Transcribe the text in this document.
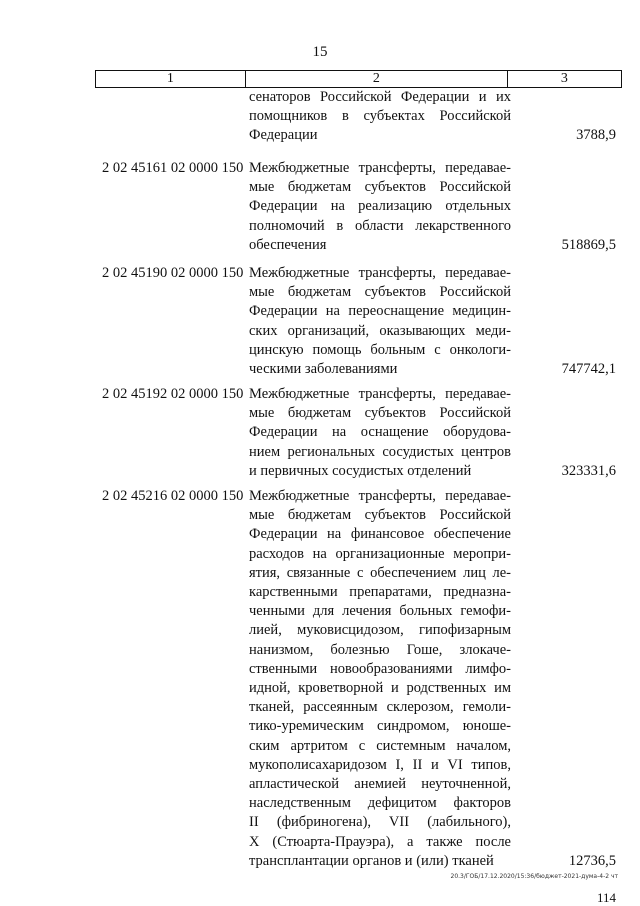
15
1	2	3
сенаторов Российской Федерации и их
помощников в субъектах Российской
Федерации	3788,9
2 02 45161 02 0000 150 Межбюджетные трансферты, передавае-
мые бюджетам субъектов Российской
Федерации на реализацию отдельных
полномочий в области лекарственного
обеспечения	518869,5
2 02 45190 02 0000 150 Межбюджетные трансферты, передавае-
мые бюджетам субъектов Российской
Федерации на переоснащение медицин-
ских организаций, оказывающих меди-
цинскую помощь больным с онкологи-
ческими заболеваниями	747742,1
2 02 45192 02 0000 150 Межбюджетные трансферты, передавае-
мые бюджетам субъектов Российской
Федерации на оснащение оборудова-
нием региональных сосудистых центров
и первичных сосудистых отделений	323331,6
2 02 45216 02 0000 150 Межбюджетные трансферты, передавае-
мые бюджетам субъектов Российской
Федерации на финансовое обеспечение
расходов на организационные меропри-
ятия, связанные с обеспечением лиц ле-
карственными препаратами, предназна-
ченными для лечения больных гемофи-
лией, муковисцидозом, гипофизарным
нанизмом, болезнью Гоше, злокаче-
ственными новообразованиями лимфо-
идной, кроветворной и родственных им
тканей, рассеянным склерозом, гемоли-
тико-уремическим синдромом, юноше-
ским артритом с системным началом,
мукополисахаридозом I, II и VI типов,
апластической анемией неуточненной,
наследственным дефицитом факторов
II (фибриногена), VII (лабильного),
X (Стюарта-Прауэра), а также после
трансплантации органов и (или) тканей	12736,5
20.3/ГОБ/17.12.2020/15:36/бюджет-2021-дума-4-2 чт
114
